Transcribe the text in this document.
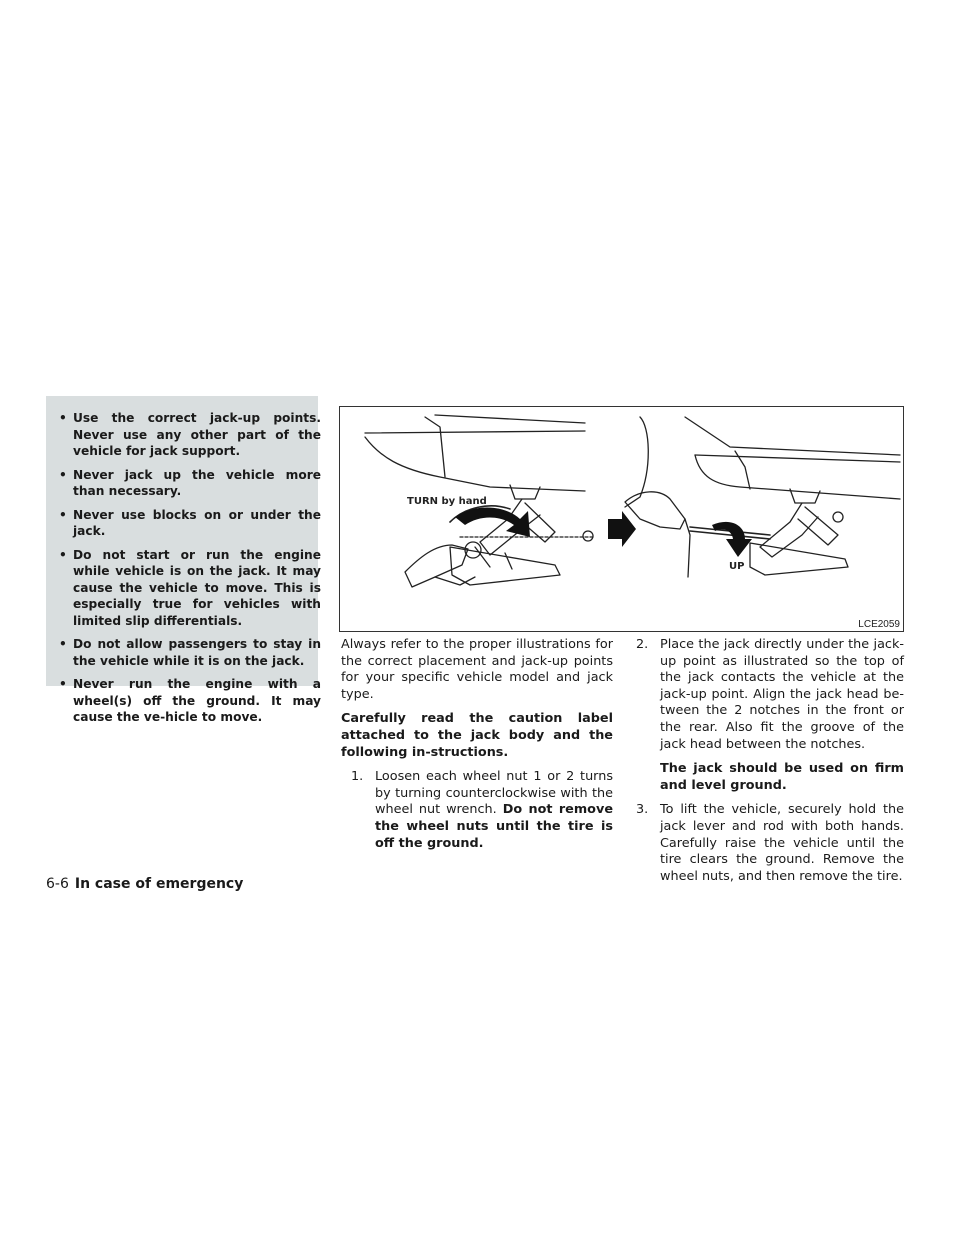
• Use the correct jack-up points. Never use any other part of the vehicle for jack support.
• Never jack up the vehicle more than necessary.
• Never use blocks on or under the jack.
• Do not start or run the engine while vehicle is on the jack. It may cause the vehicle to move. This is especially true for vehicles with limited slip differentials.
• Do not allow passengers to stay in the vehicle while it is on the jack.
• Never run the engine with a wheel(s) off the ground. It may cause the ve-hicle to move.
TURN by hand
UP
LCE2059

Always refer to the proper illustrations for the correct placement and jack-up points for your specific vehicle model and jack type.

Carefully read the caution label attached to the jack body and the following in-structions.

1. Loosen each wheel nut 1 or 2 turns by turning counterclockwise with the wheel nut wrench. Do not remove the wheel nuts until the tire is off the ground.
2. Place the jack directly under the jack-up point as illustrated so the top of the jack contacts the vehicle at the jack-up point. Align the jack head be-tween the 2 notches in the front or the rear. Also fit the groove of the jack head between the notches.

The jack should be used on firm and level ground.

3. To lift the vehicle, securely hold the jack lever and rod with both hands. Carefully raise the vehicle until the tire clears the ground. Remove the wheel nuts, and then remove the tire.
6-6 In case of emergency
